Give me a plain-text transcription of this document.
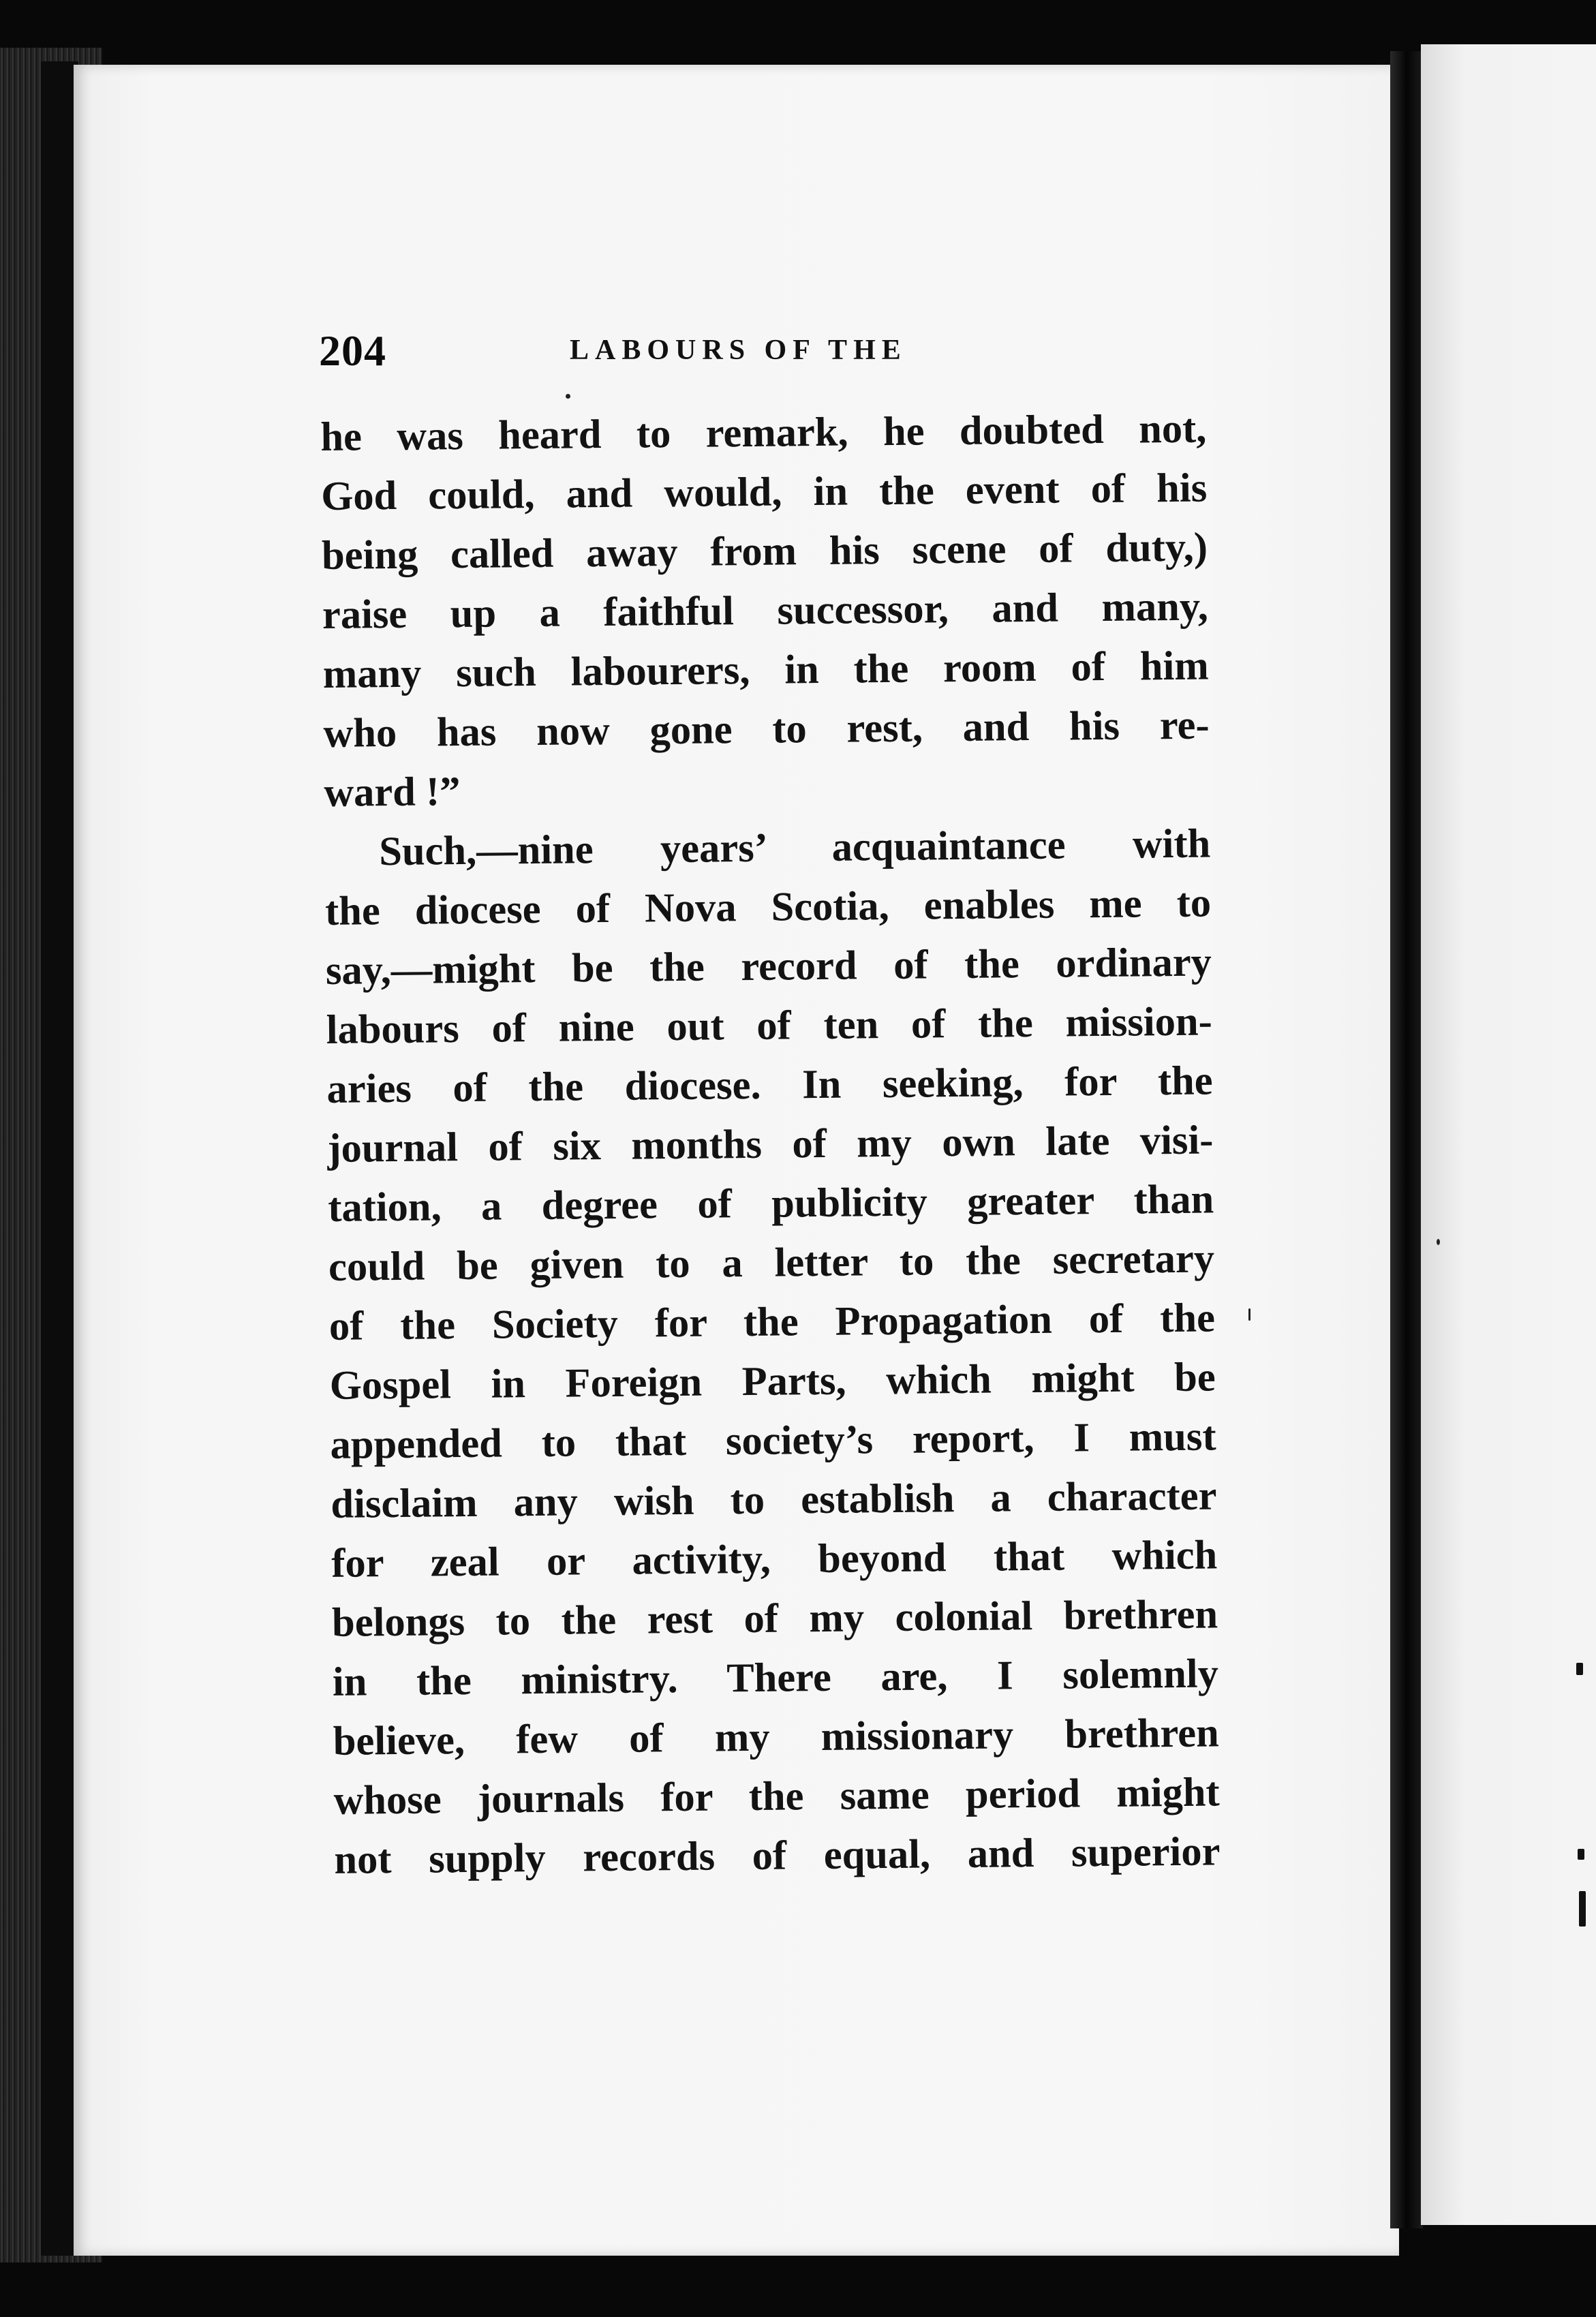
204	LABOURS OF THE
he was heard to remark, he doubted not,
God could, and would, in the event of his
being called away from his scene of duty,)
raise up a faithful successor, and many,
many such labourers, in the room of him
who has now gone to rest, and his re-
ward !”
Such,—nine years’ acquaintance with
the diocese of Nova Scotia, enables me to
say,—might be the record of the ordinary
labours of nine out of ten of the mission-
aries of the diocese. In seeking, for the
journal of six months of my own late visi-
tation, a degree of publicity greater than
could be given to a letter to the secretary
of the Society for the Propagation of the
Gospel in Foreign Parts, which might be
appended to that society’s report, I must
disclaim any wish to establish a character
for zeal or activity, beyond that which
belongs to the rest of my colonial brethren
in the ministry. There are, I solemnly
believe, few of my missionary brethren
whose journals for the same period might
not supply records of equal, and superior
